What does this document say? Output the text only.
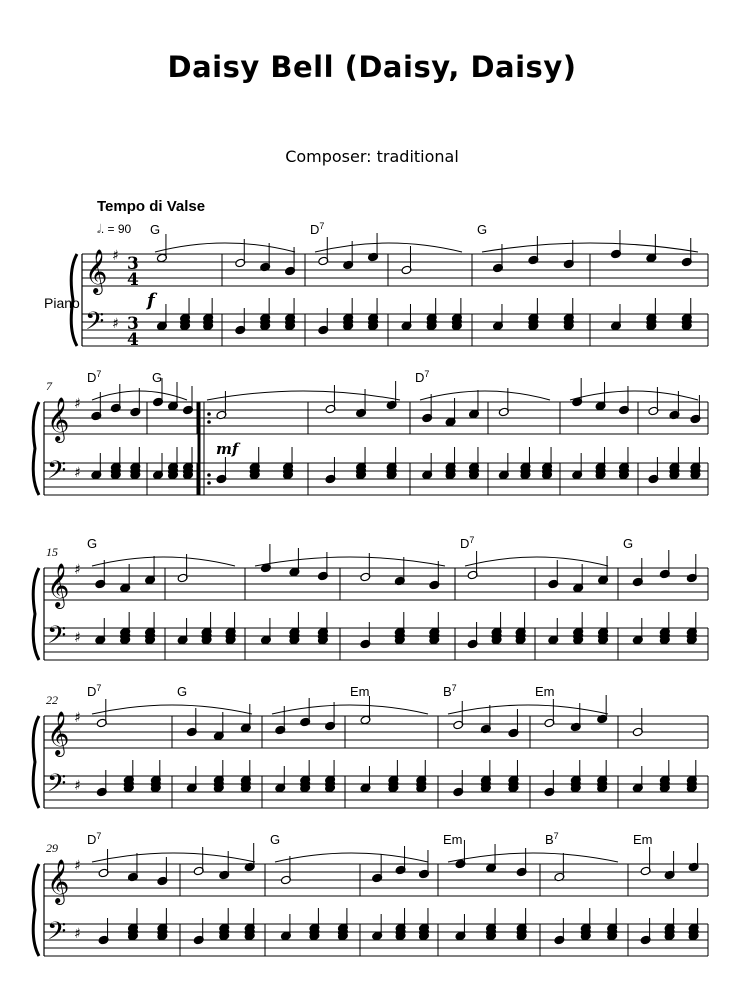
Daisy Bell (Daisy, Daisy)
Composer: traditional
Tempo di Valse
𝅗𝅥. = 90
Piano
𝄞
𝄢
♯
♯
3
4
3
4
f
G	$D^7$	G
𝄞
𝄢
♯
♯
mf
7
$D^7$	G	$D^7$
𝄞
𝄢
♯
♯
15
G	$D^7$	G
𝄞
𝄢
♯
♯
22
$D^7$	G	Em	$B^7$	Em
𝄞
𝄢
♯
♯
29
$D^7$	G	Em	$B^7$	Em
